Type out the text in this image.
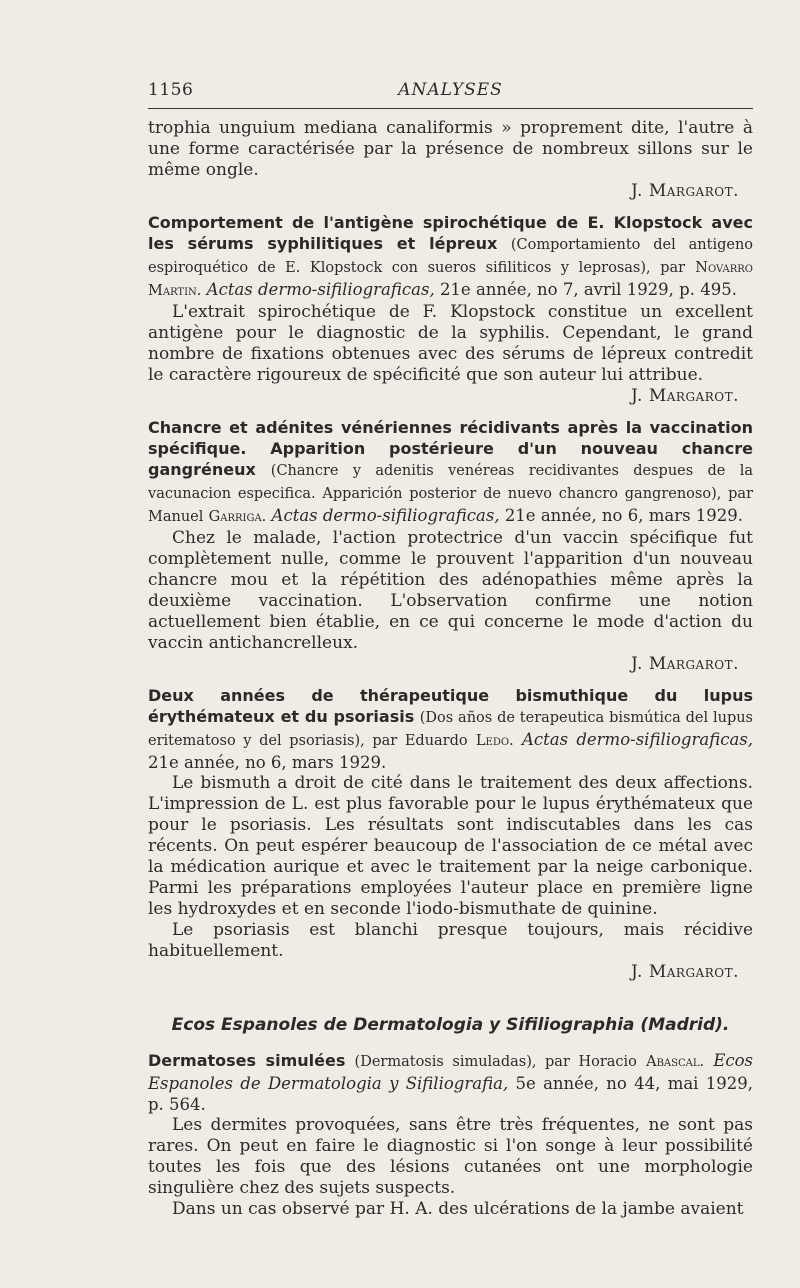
1156	ANALYSES

trophia unguium mediana canaliformis » proprement dite, l'autre à une forme caractérisée par la présence de nombreux sillons sur le même ongle.

J. Margarot.

Comportement de l'antigène spirochétique de E. Klopstock avec les sérums syphilitiques et lépreux (Comportamiento del antigeno espiroquético de E. Klopstock con sueros sifiliticos y leprosas), par Novarro Martin. Actas dermo-sifiliograficas, 21e année, no 7, avril 1929, p. 495.

L'extrait spirochétique de F. Klopstock constitue un excellent antigène pour le diagnostic de la syphilis. Cependant, le grand nombre de fixations obtenues avec des sérums de lépreux contredit le caractère rigoureux de spécificité que son auteur lui attribue.

J. Margarot.

Chancre et adénites vénériennes récidivants après la vaccination spécifique. Apparition postérieure d'un nouveau chancre gangréneux (Chancre y adenitis venéreas recidivantes despues de la vacunacion especifica. Apparición posterior de nuevo chancro gangrenoso), par Manuel Garriga. Actas dermo-sifiliograficas, 21e année, no 6, mars 1929.

Chez le malade, l'action protectrice d'un vaccin spécifique fut complètement nulle, comme le prouvent l'apparition d'un nouveau chancre mou et la répétition des adénopathies même après la deuxième vaccination. L'observation confirme une notion actuellement bien établie, en ce qui concerne le mode d'action du vaccin antichancrelleux.

J. Margarot.

Deux années de thérapeutique bismuthique du lupus érythémateux et du psoriasis (Dos años de terapeutica bismútica del lupus eritematoso y del psoriasis), par Eduardo Ledo. Actas dermo-sifiliograficas, 21e année, no 6, mars 1929.

Le bismuth a droit de cité dans le traitement des deux affections. L'impression de L. est plus favorable pour le lupus érythémateux que pour le psoriasis. Les résultats sont indiscutables dans les cas récents. On peut espérer beaucoup de l'association de ce métal avec la médication aurique et avec le traitement par la neige carbonique. Parmi les préparations employées l'auteur place en première ligne les hydroxydes et en seconde l'iodo-bismuthate de quinine.

Le psoriasis est blanchi presque toujours, mais récidive habituellement.

J. Margarot.

Ecos Espanoles de Dermatologia y Sifiliographia (Madrid).

Dermatoses simulées (Dermatosis simuladas), par Horacio Abascal. Ecos Espanoles de Dermatologia y Sifiliografia, 5e année, no 44, mai 1929, p. 564.

Les dermites provoquées, sans être très fréquentes, ne sont pas rares. On peut en faire le diagnostic si l'on songe à leur possibilité toutes les fois que des lésions cutanées ont une morphologie singulière chez des sujets suspects.

Dans un cas observé par H. A. des ulcérations de la jambe avaient
